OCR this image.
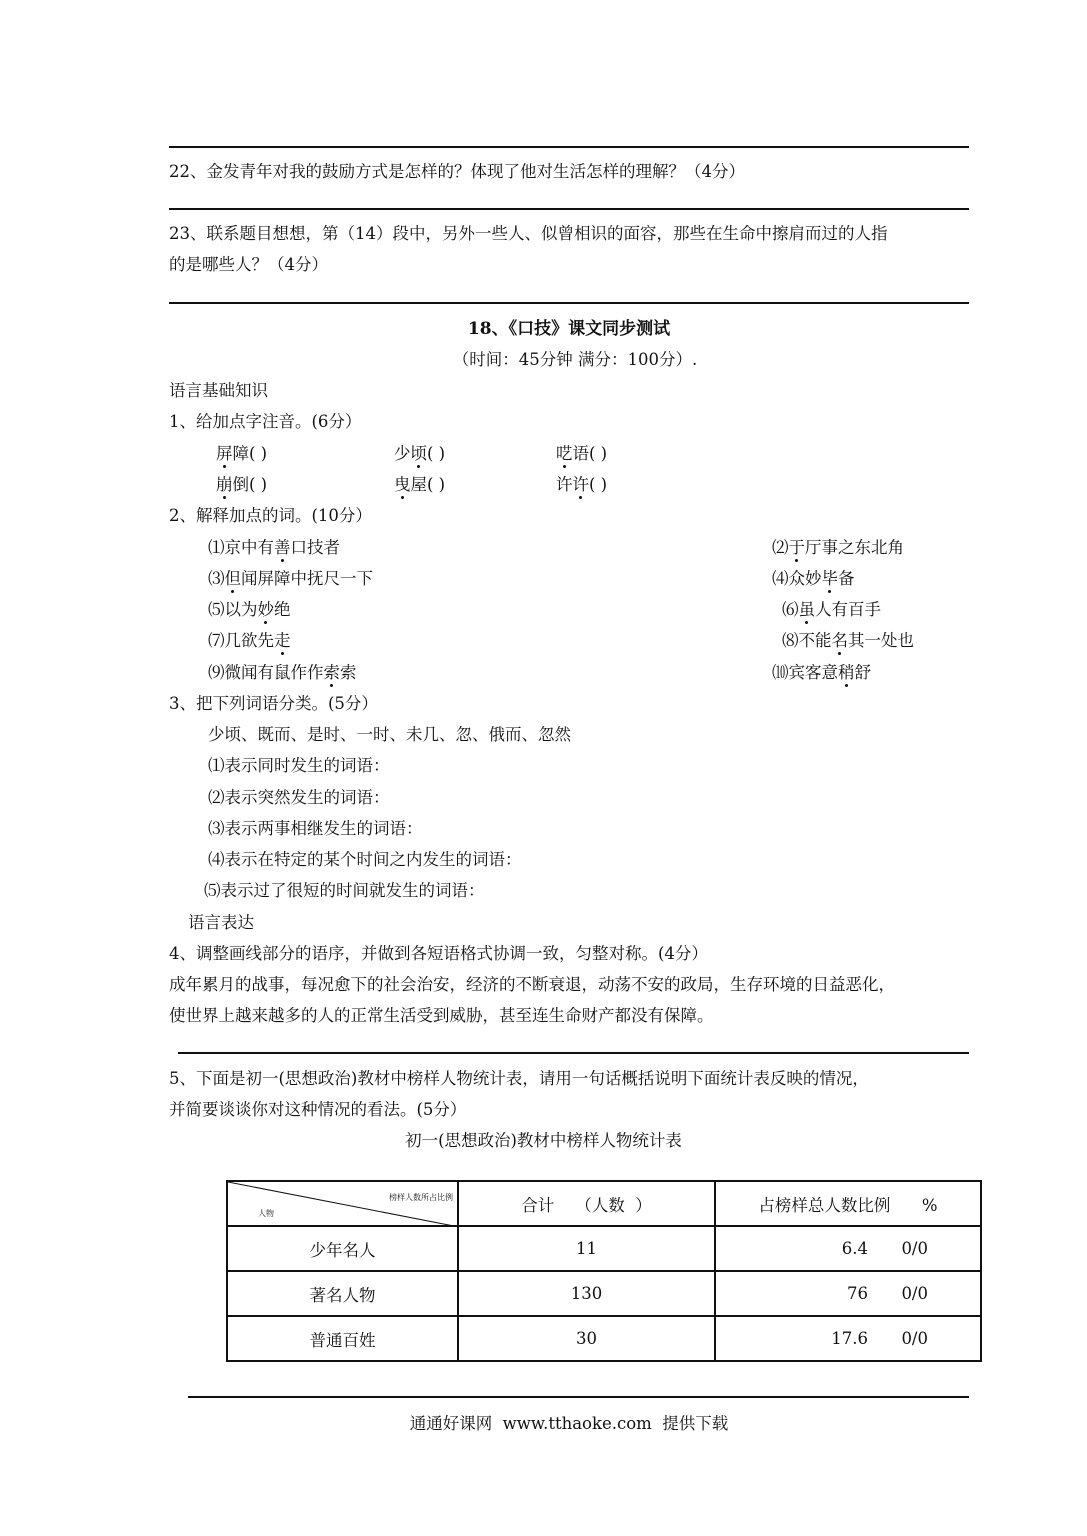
22、金发青年对我的鼓励方式是怎样的？体现了他对生活怎样的理解？（4分）
23、联系题目想想，第（14）段中，另外一些人、似曾相识的面容，那些在生命中擦肩而过的人指
的是哪些人？（4分）
18、《口技》课文同步测试
（时间：45分钟 满分：100分）.
语言基础知识
1、给加点字注音。(6分）
屏障( )	少顷( )	呓语( )
崩倒( )	曳屋( )	许许( )
2、解释加点的词。(10分）
⑴京中有善口技者	⑵于厅事之东北角
⑶但闻屏障中抚尺一下	⑷众妙毕备
⑸以为妙绝	⑹虽人有百手
⑺几欲先走	⑻不能名其一处也
⑼微闻有鼠作作索索	⑽宾客意稍舒
3、把下列词语分类。(5分）
少顷、既而、是时、一时、未几、忽、俄而、忽然
⑴表示同时发生的词语：
⑵表示突然发生的词语：
⑶表示两事相继发生的词语：
⑷表示在特定的某个时间之内发生的词语：
⑸表示过了很短的时间就发生的词语：
语言表达
4、调整画线部分的语序，并做到各短语格式协调一致，匀整对称。(4分）
成年累月的战事，每况愈下的社会治安，经济的不断衰退，动荡不安的政局，生存环境的日益恶化，
使世界上越来越多的人的正常生活受到威胁，甚至连生命财产都没有保障。
5、下面是初一(思想政治)教材中榜样人物统计表，请用一句话概括说明下面统计表反映的情况，
并简要谈谈你对这种情况的看法。(5分）
初一(思想政治)教材中榜样人物统计表
榜样人数所占比例
人物	合计    （人数  ）	占榜样总人数比例      %
少年名人	11	6.4 0/0
著名人物	130	76 0/0
普通百姓	30	17.6 0/0
通通好课网  www.tthaoke.com  提供下载
